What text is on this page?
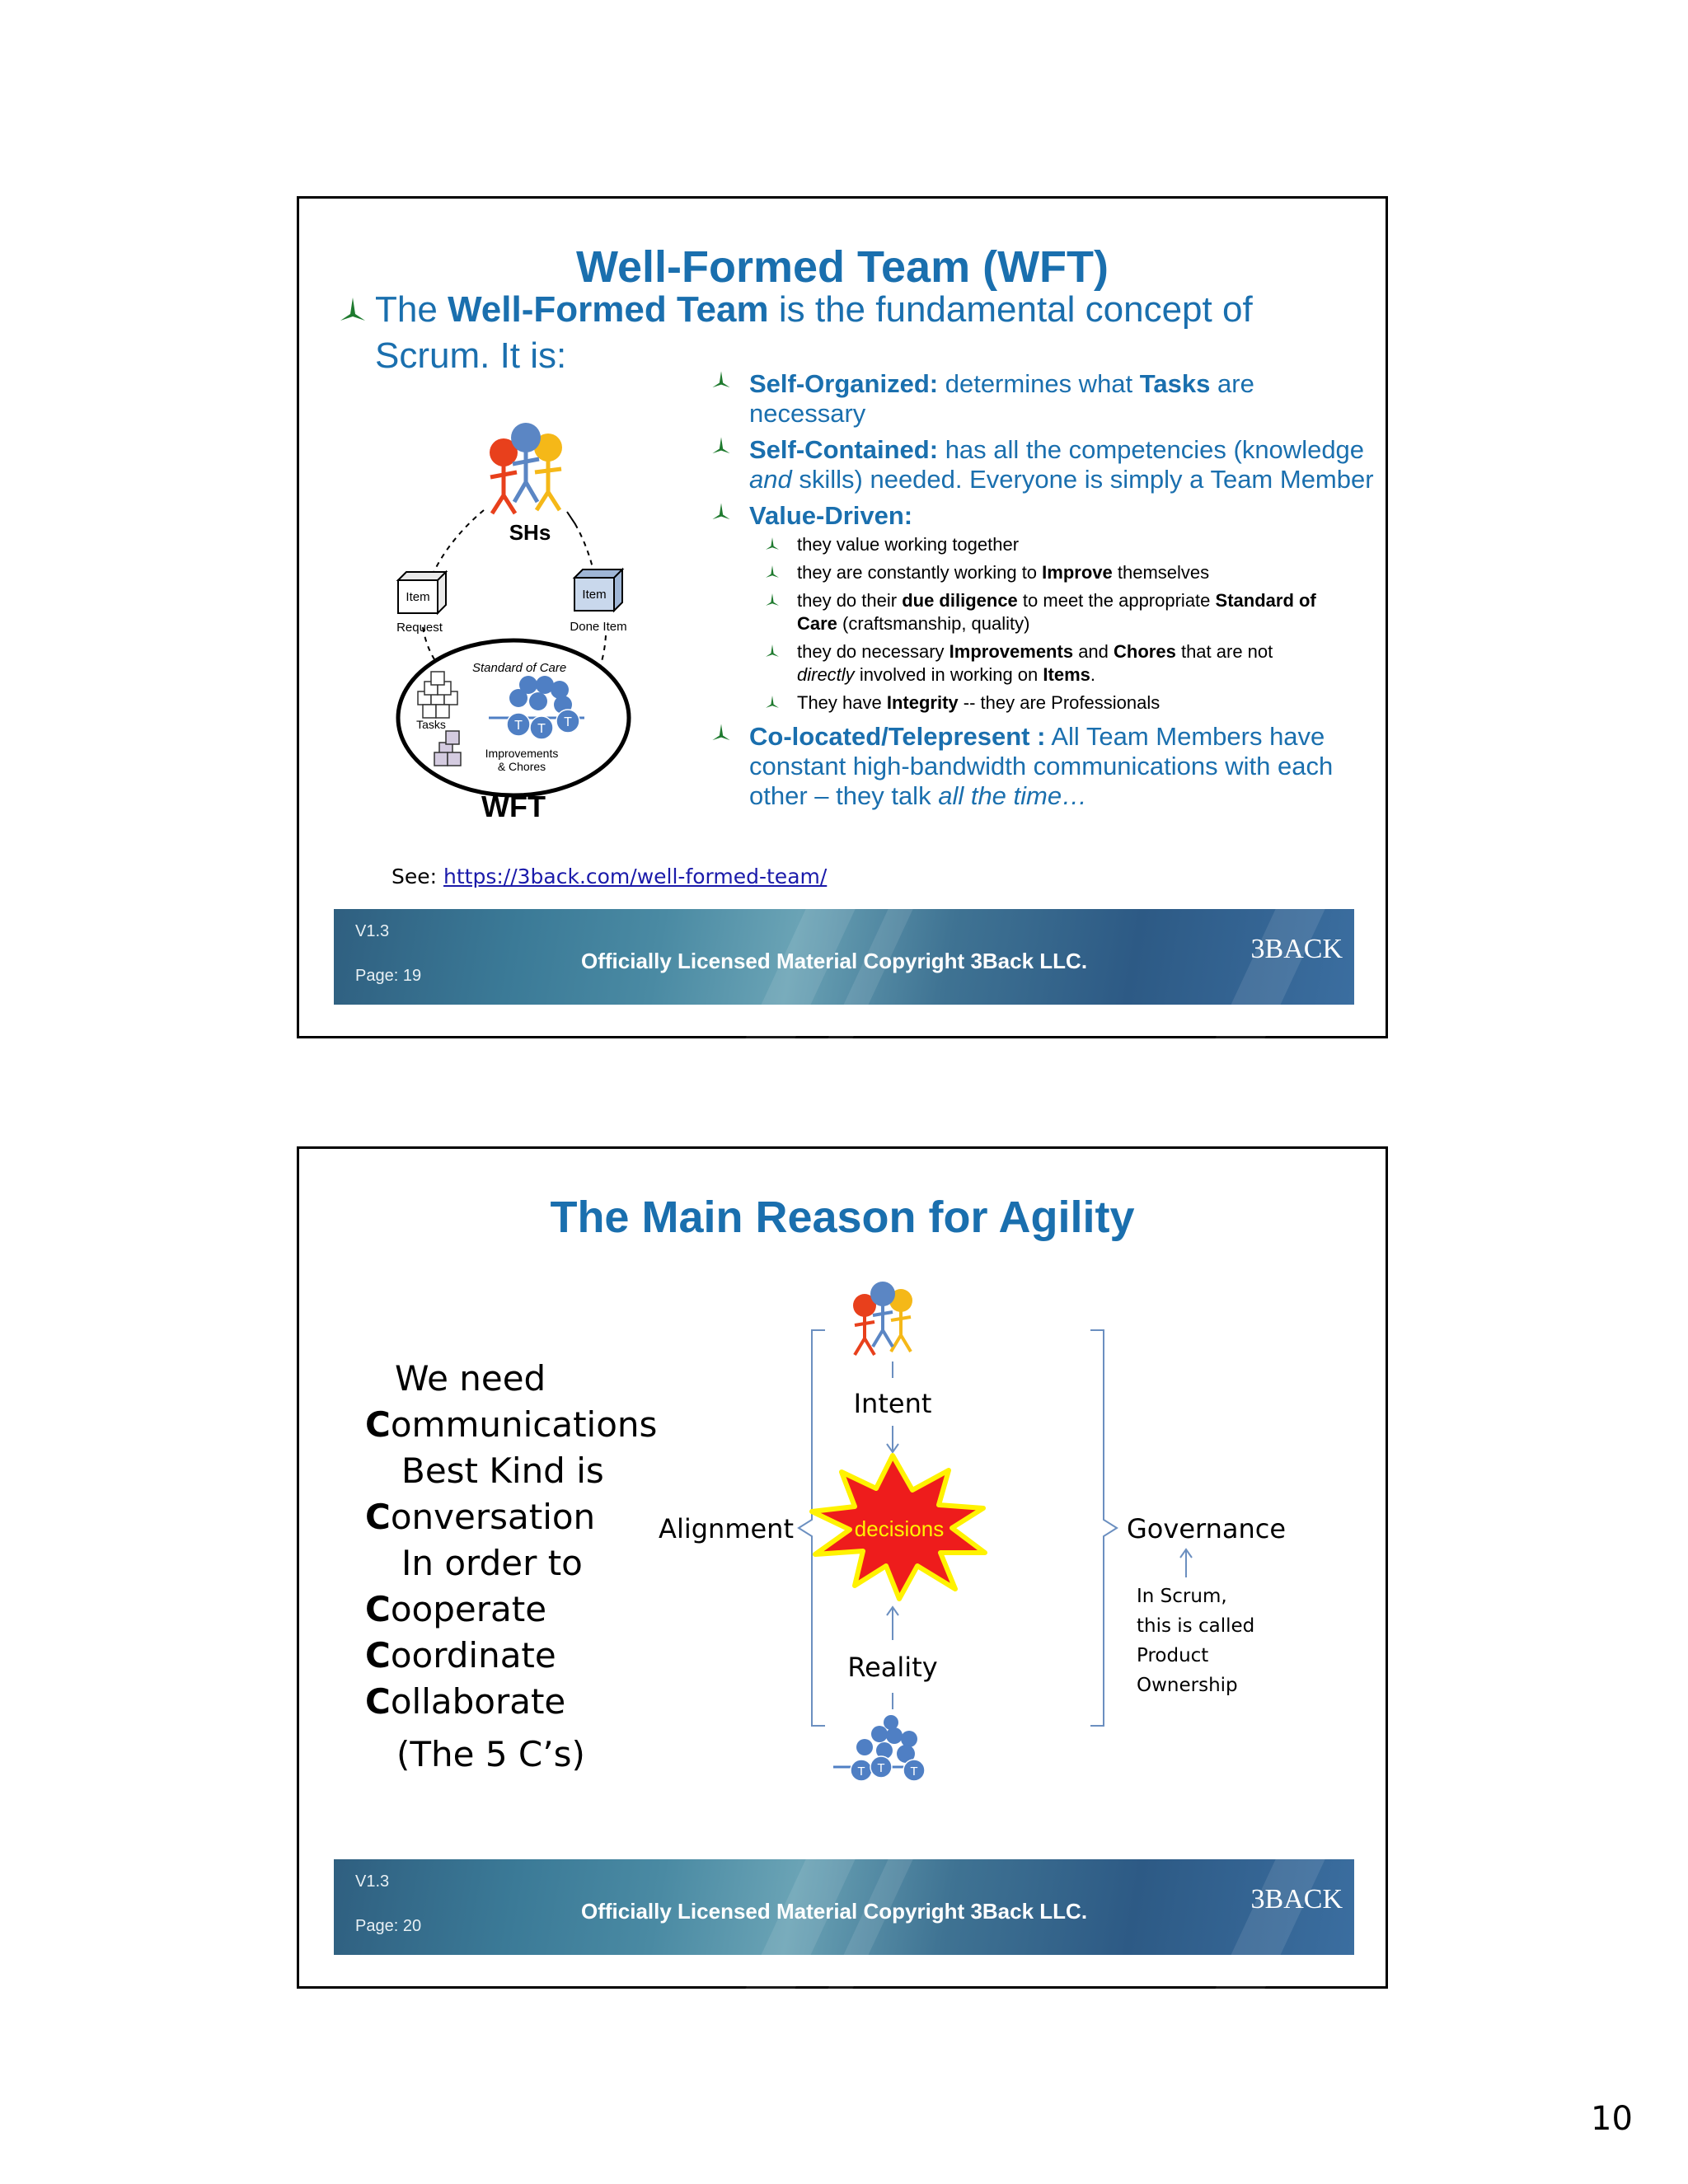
Well-Formed Team (WFT)
The Well-Formed Team is the fundamental concept of
Scrum. It is:
Self-Organized: determines what Tasks are
necessary
Self-Contained: has all the competencies (knowledge
and skills) needed. Everyone is simply a Team Member
Value-Driven:
they value working together
they are constantly working to Improve themselves
they do their due diligence to meet the appropriate Standard of
Care (craftsmanship, quality)
they do necessary Improvements and Chores that are not
directly involved in working on Items.
They have Integrity -- they are Professionals
Co-located/Telepresent : All Team Members have
constant high-bandwidth communications with each
other – they talk all the time…
SHs
Item
Request
Item
Done Item
Standard of Care
Tasks
Improvements
& Chores
T T T
WFT
See: https://3back.com/well-formed-team/
V1.3
Page: 19
Officially Licensed Material Copyright 3Back LLC.	3BACK
The Main Reason for Agility
We need
Communications
Best Kind is
Conversation
In order to
Cooperate
Coordinate
Collaborate
(The 5 C’s)
Intent
decisions
Reality
T T T
Alignment	Governance
In Scrum,
this is called
Product
Ownership
V1.3
Page: 20
Officially Licensed Material Copyright 3Back LLC.	3BACK
10
